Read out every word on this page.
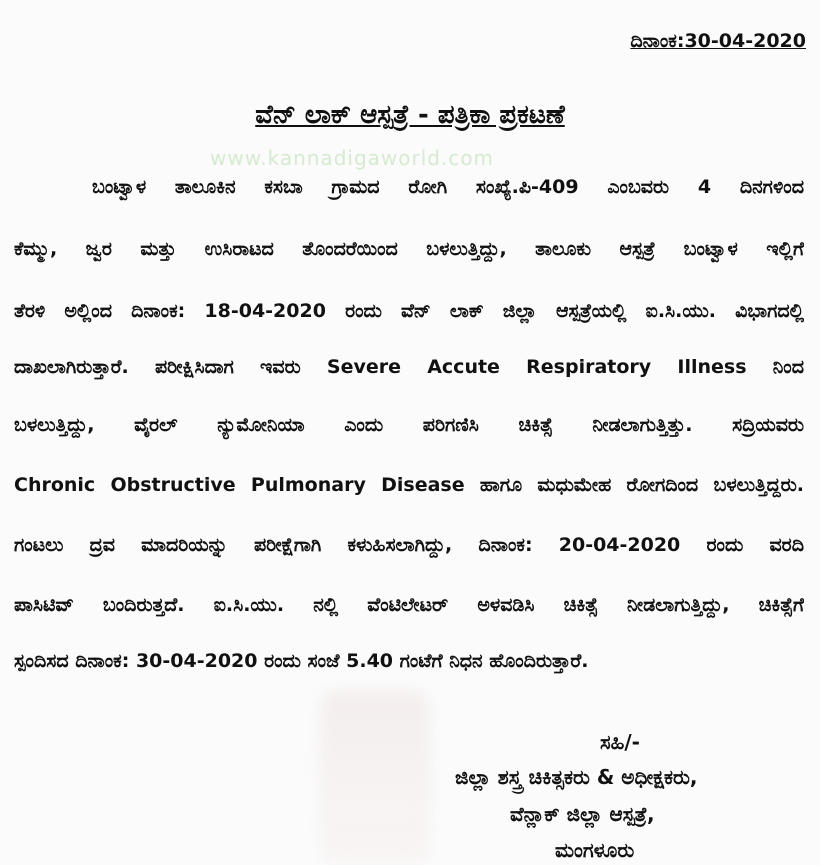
ದಿನಾಂಕ:30-04-2020
ವೆನ್ ಲಾಕ್ ಆಸ್ಪತ್ರೆ - ಪತ್ರಿಕಾ ಪ್ರಕಟಣೆ
www.kannadigaworld.com
ಬಂಟ್ವಾಳ ತಾಲೂಕಿನ ಕಸಬಾ ಗ್ರಾಮದ ರೋಗಿ ಸಂಖ್ಯೆ.ಪಿ-409 ಎಂಬವರು 4 ದಿನಗಳಿಂದ
ಕೆಮ್ಮು, ಜ್ವರ ಮತ್ತು ಉಸಿರಾಟದ ತೊಂದರೆಯಿಂದ ಬಳಲುತ್ತಿದ್ದು, ತಾಲೂಕು ಆಸ್ಪತ್ರೆ ಬಂಟ್ವಾಳ ಇಲ್ಲಿಗೆ
ತೆರಳಿ ಅಲ್ಲಿಂದ ದಿನಾಂಕ: 18-04-2020 ರಂದು ವೆನ್ ಲಾಕ್ ಜಿಲ್ಲಾ ಆಸ್ಪತ್ರೆಯಲ್ಲಿ ಐ.ಸಿ.ಯು. ವಿಭಾಗದಲ್ಲಿ
ದಾಖಲಾಗಿರುತ್ತಾರೆ. ಪರೀಕ್ಷಿಸಿದಾಗ ಇವರು Severe Accute Respiratory Illness ನಿಂದ
ಬಳಲುತ್ತಿದ್ದು, ವೈರಲ್ ನ್ಯುಮೋನಿಯಾ ಎಂದು ಪರಿಗಣಿಸಿ ಚಿಕಿತ್ಸೆ ನೀಡಲಾಗುತ್ತಿತ್ತು. ಸದ್ರಿಯವರು
Chronic Obstructive Pulmonary Disease ಹಾಗೂ ಮಧುಮೇಹ ರೋಗದಿಂದ ಬಳಲುತ್ತಿದ್ದರು.
ಗಂಟಲು ದ್ರವ ಮಾದರಿಯನ್ನು ಪರೀಕ್ಷೆಗಾಗಿ ಕಳುಹಿಸಲಾಗಿದ್ದು, ದಿನಾಂಕ: 20-04-2020 ರಂದು ವರದಿ
ಪಾಸಿಟಿವ್ ಬಂದಿರುತ್ತದೆ. ಐ.ಸಿ.ಯು. ನಲ್ಲಿ ವೆಂಟಿಲೇಟರ್ ಅಳವಡಿಸಿ ಚಿಕಿತ್ಸೆ ನೀಡಲಾಗುತ್ತಿದ್ದು, ಚಿಕಿತ್ಸೆಗೆ
ಸ್ಪಂದಿಸದ ದಿನಾಂಕ: 30-04-2020 ರಂದು ಸಂಜೆ 5.40 ಗಂಟೆಗೆ ನಿಧನ ಹೊಂದಿರುತ್ತಾರೆ.
ಸಹಿ/-
ಜಿಲ್ಲಾ ಶಸ್ತ್ರ ಚಿಕಿತ್ಸಕರು & ಅಧೀಕ್ಷಕರು,
ವೆನ್ಲಾಕ್ ಜಿಲ್ಲಾ ಆಸ್ಪತ್ರೆ,
ಮಂಗಳೂರು
